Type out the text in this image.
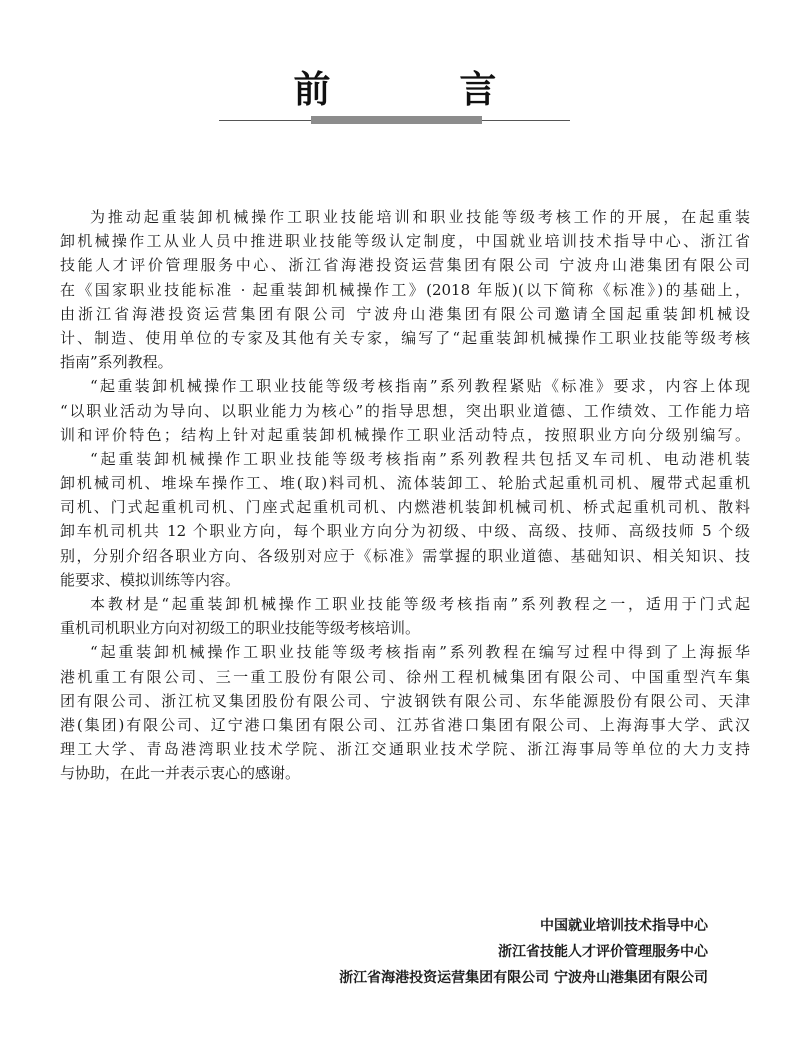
前 言
为推动起重装卸机械操作工职业技能培训和职业技能等级考核工作的开展，在起重装
卸机械操作工从业人员中推进职业技能等级认定制度，中国就业培训技术指导中心、浙江省
技能人才评价管理服务中心、浙江省海港投资运营集团有限公司 宁波舟山港集团有限公司
在《国家职业技能标准 · 起重装卸机械操作工》(2018 年版)(以下简称《标准》)的基础上，
由浙江省海港投资运营集团有限公司 宁波舟山港集团有限公司邀请全国起重装卸机械设
计、制造、使用单位的专家及其他有关专家，编写了“起重装卸机械操作工职业技能等级考核
指南”系列教程。
“起重装卸机械操作工职业技能等级考核指南”系列教程紧贴《标准》要求，内容上体现
“以职业活动为导向、以职业能力为核心”的指导思想，突出职业道德、工作绩效、工作能力培
训和评价特色；结构上针对起重装卸机械操作工职业活动特点，按照职业方向分级别编写。
“起重装卸机械操作工职业技能等级考核指南”系列教程共包括叉车司机、电动港机装
卸机械司机、堆垛车操作工、堆(取)料司机、流体装卸工、轮胎式起重机司机、履带式起重机
司机、门式起重机司机、门座式起重机司机、内燃港机装卸机械司机、桥式起重机司机、散料
卸车机司机共 12 个职业方向，每个职业方向分为初级、中级、高级、技师、高级技师 5 个级
别，分别介绍各职业方向、各级别对应于《标准》需掌握的职业道德、基础知识、相关知识、技
能要求、模拟训练等内容。
本教材是“起重装卸机械操作工职业技能等级考核指南”系列教程之一，适用于门式起
重机司机职业方向对初级工的职业技能等级考核培训。
“起重装卸机械操作工职业技能等级考核指南”系列教程在编写过程中得到了上海振华
港机重工有限公司、三一重工股份有限公司、徐州工程机械集团有限公司、中国重型汽车集
团有限公司、浙江杭叉集团股份有限公司、宁波钢铁有限公司、东华能源股份有限公司、天津
港(集团)有限公司、辽宁港口集团有限公司、江苏省港口集团有限公司、上海海事大学、武汉
理工大学、青岛港湾职业技术学院、浙江交通职业技术学院、浙江海事局等单位的大力支持
与协助，在此一并表示衷心的感谢。
中国就业培训技术指导中心
浙江省技能人才评价管理服务中心
浙江省海港投资运营集团有限公司 宁波舟山港集团有限公司
